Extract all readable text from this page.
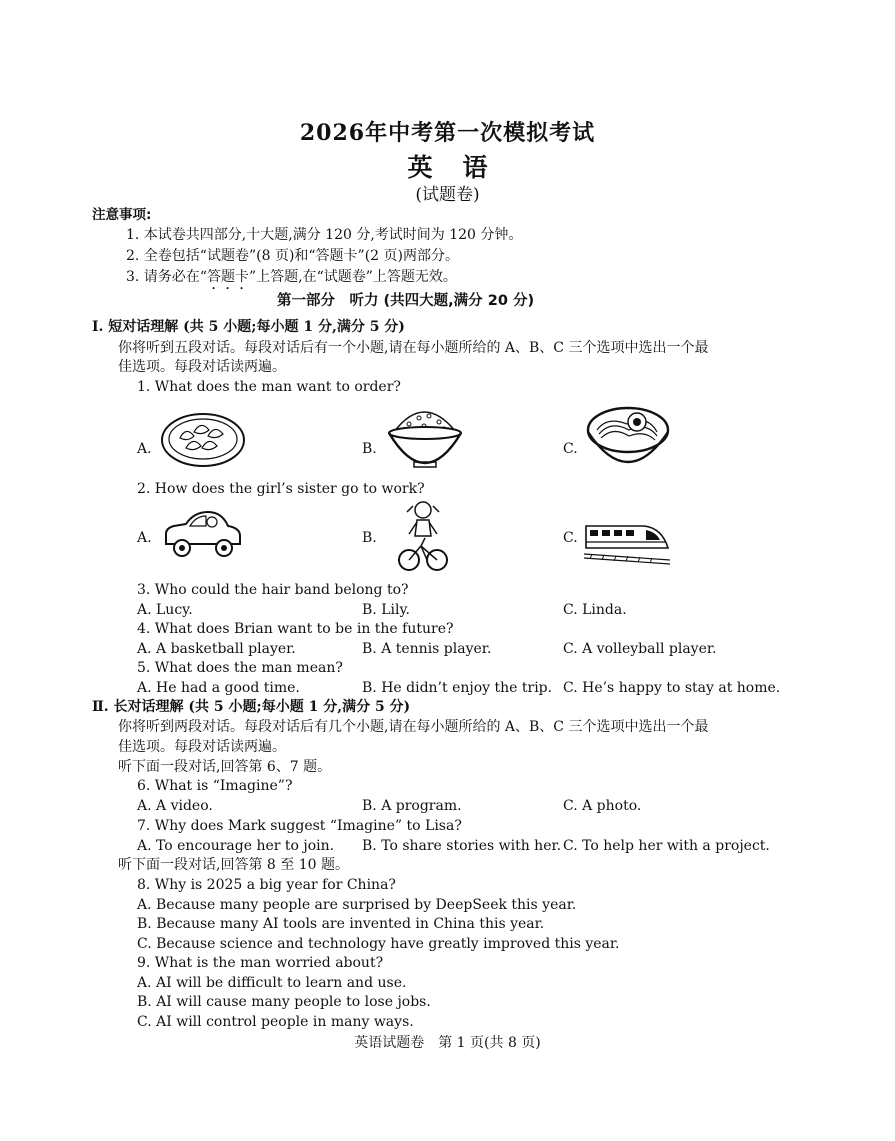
2026年中考第一次模拟考试
英语
(试题卷)
注意事项:
1. 本试卷共四部分,十大题,满分 120 分,考试时间为 120 分钟。
2. 全卷包括“试题卷”(8 页)和“答题卡”(2 页)两部分。
3. 请务必在“答题卡”上答题,在“试题卷”上答题无效。
第一部分　听力 (共四大题,满分 20 分)
Ⅰ. 短对话理解 (共 5 小题;每小题 1 分,满分 5 分)
你将听到五段对话。每段对话后有一个小题,请在每小题所给的 A、B、C 三个选项中选出一个最
佳选项。每段对话读两遍。
1. What does the man want to order?
A.	B.	C.
2. How does the girl’s sister go to work?
A.	B.	C.
3. Who could the hair band belong to?
A. Lucy.	B. Lily.	C. Linda.
4. What does Brian want to be in the future?
A. A basketball player.	B. A tennis player.	C. A volleyball player.
5. What does the man mean?
A. He had a good time.	B. He didn’t enjoy the trip. C. He’s happy to stay at home.
Ⅱ. 长对话理解 (共 5 小题;每小题 1 分,满分 5 分)
你将听到两段对话。每段对话后有几个小题,请在每小题所给的 A、B、C 三个选项中选出一个最
佳选项。每段对话读两遍。
听下面一段对话,回答第 6、7 题。
6. What is “Imagine”?
A. A video.	B. A program.	C. A photo.
7. Why does Mark suggest “Imagine” to Lisa?
A. To encourage her to join. B. To share stories with her. C. To help her with a project.
听下面一段对话,回答第 8 至 10 题。
8. Why is 2025 a big year for China?
A. Because many people are surprised by DeepSeek this year.
B. Because many AI tools are invented in China this year.
C. Because science and technology have greatly improved this year.
9. What is the man worried about?
A. AI will be difficult to learn and use.
B. AI will cause many people to lose jobs.
C. AI will control people in many ways.
英语试题卷　第 1 页(共 8 页)
